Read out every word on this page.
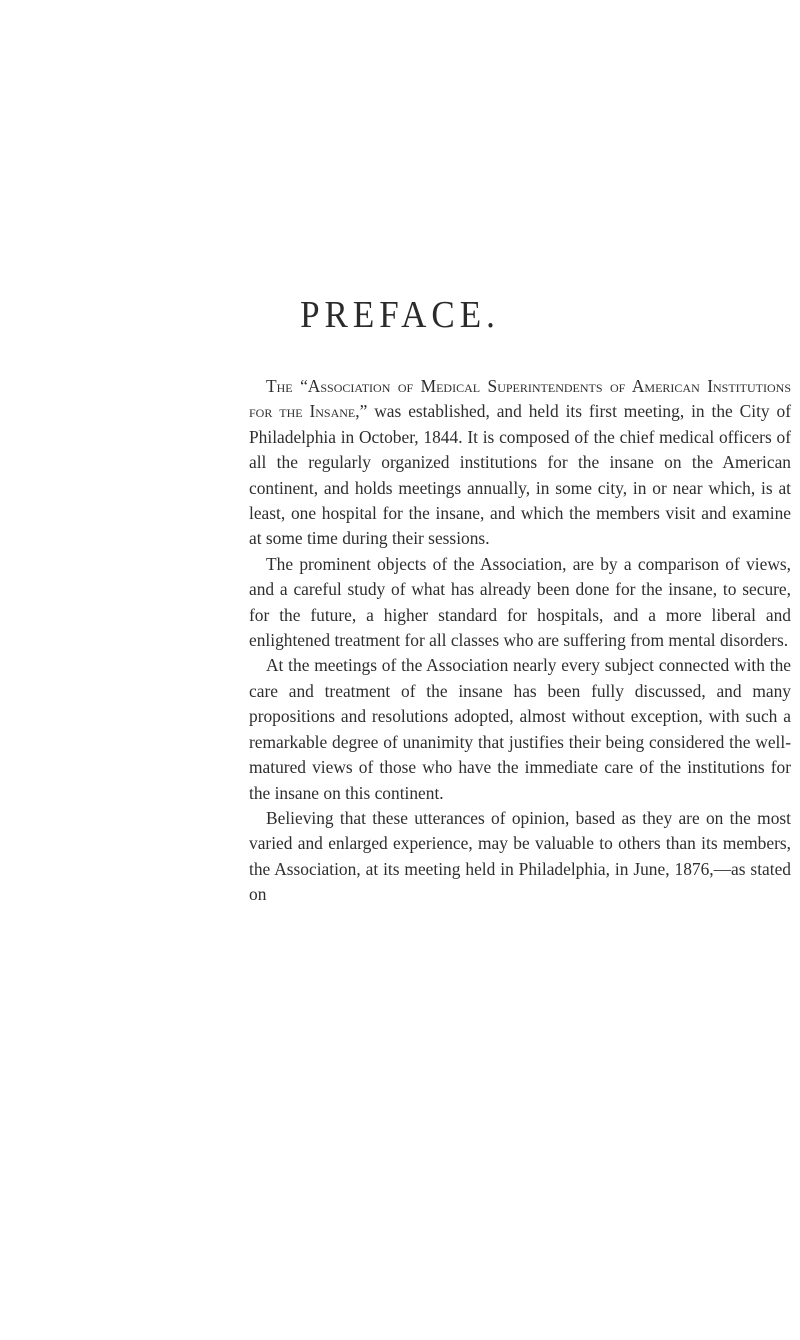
PREFACE.

The “Association of Medical Superintendents of American Institutions for the Insane,” was established, and held its first meeting, in the City of Philadelphia in October, 1844. It is composed of the chief medical officers of all the regularly organized institutions for the insane on the American continent, and holds meetings annually, in some city, in or near which, is at least, one hospital for the insane, and which the members visit and examine at some time during their sessions.

The prominent objects of the Association, are by a comparison of views, and a careful study of what has already been done for the insane, to secure, for the future, a higher standard for hospitals, and a more liberal and enlightened treatment for all classes who are suffering from mental disorders.

At the meetings of the Association nearly every subject connected with the care and treatment of the insane has been fully discussed, and many propositions and resolutions adopted, almost without exception, with such a remarkable degree of unanimity that justifies their being considered the well-matured views of those who have the immediate care of the institutions for the insane on this continent.

Believing that these utterances of opinion, based as they are on the most varied and enlarged experience, may be valuable to others than its members, the Association, at its meeting held in Philadelphia, in June, 1876,—as stated on
